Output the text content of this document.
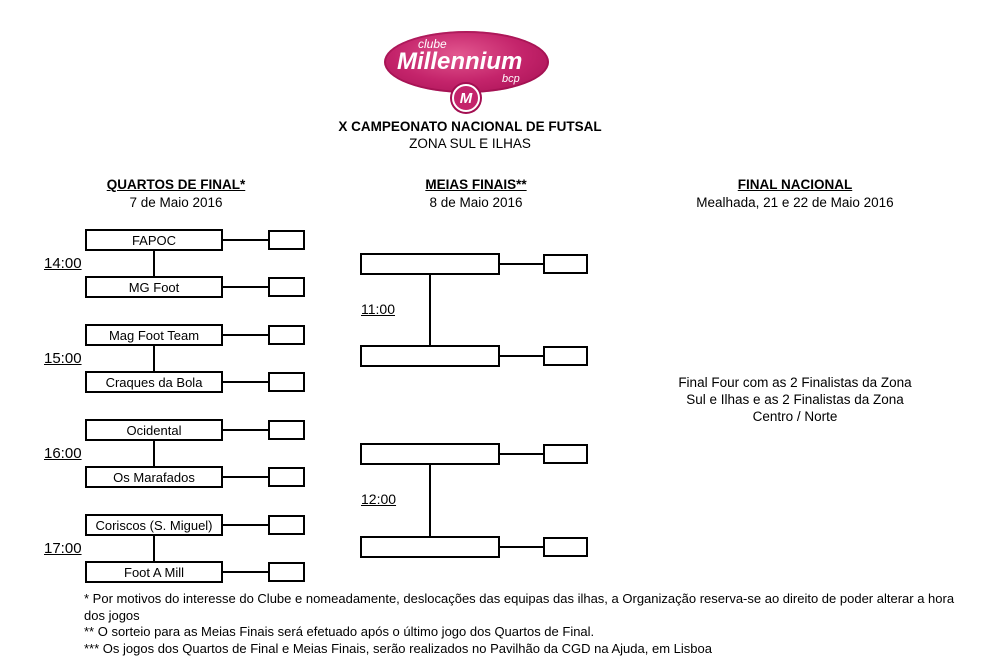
clube
Millennium
bcp
M
X CAMPEONATO NACIONAL DE FUTSAL
ZONA SUL E ILHAS
QUARTOS DE FINAL*
7 de Maio 2016
MEIAS FINAIS**
8 de Maio 2016
FINAL NACIONAL
Mealhada, 21 e 22 de Maio 2016
14:00
FAPOC
MG Foot
15:00
Mag Foot Team
Craques da Bola
16:00
Ocidental
Os Marafados
17:00
Coriscos (S. Miguel)
Foot A Mill
11:00
12:00
Final Four com as 2 Finalistas da Zona
Sul e Ilhas e as 2 Finalistas da Zona
Centro / Norte
* Por motivos do interesse do Clube e nomeadamente, deslocações das equipas das ilhas, a Organização reserva-se ao direito de poder alterar a hora dos jogos
** O sorteio para as Meias Finais será efetuado após o último jogo dos Quartos de Final.
*** Os jogos dos Quartos de Final e Meias Finais, serão realizados no Pavilhão da CGD na Ajuda, em Lisboa
